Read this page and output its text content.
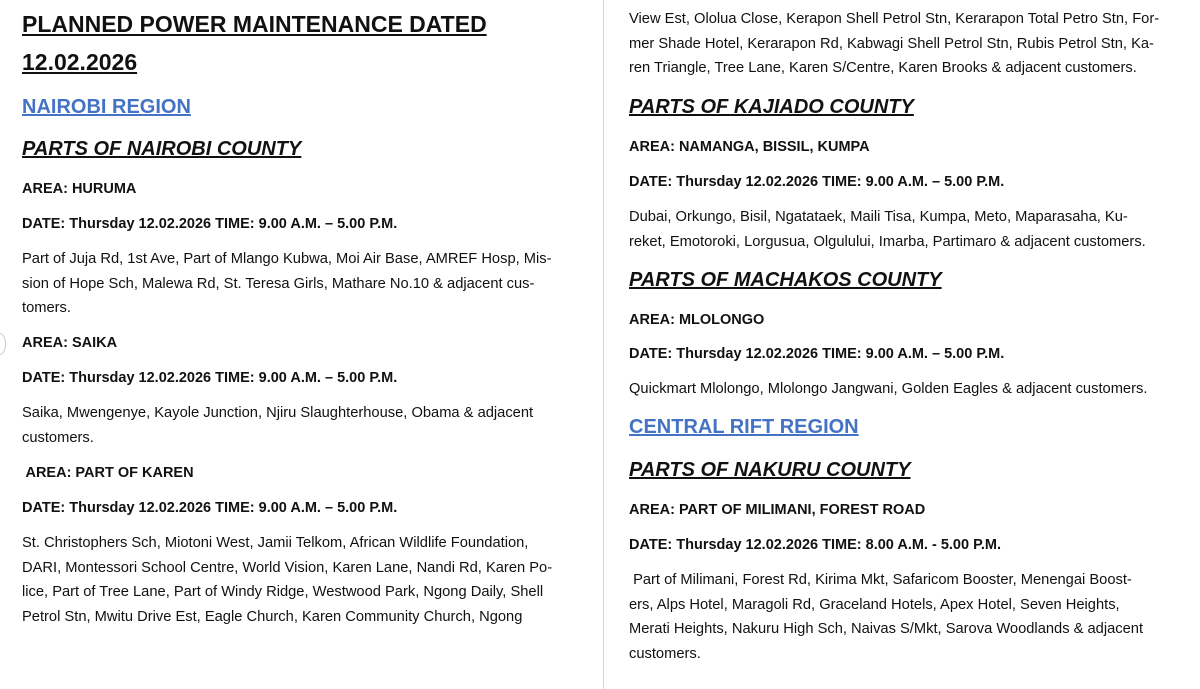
PLANNED POWER MAINTENANCE DATED
12.02.2026
NAIROBI REGION
PARTS OF NAIROBI COUNTY
AREA: HURUMA
DATE: Thursday 12.02.2026 TIME: 9.00 A.M. – 5.00 P.M.
Part of Juja Rd, 1st Ave, Part of Mlango Kubwa, Moi Air Base, AMREF Hosp, Mis-
sion of Hope Sch, Malewa Rd, St. Teresa Girls, Mathare No.10 & adjacent cus-
tomers.
AREA: SAIKA
DATE: Thursday 12.02.2026 TIME: 9.00 A.M. – 5.00 P.M.
Saika, Mwengenye, Kayole Junction, Njiru Slaughterhouse, Obama & adjacent
customers.
AREA: PART OF KAREN
DATE: Thursday 12.02.2026 TIME: 9.00 A.M. – 5.00 P.M.
St. Christophers Sch, Miotoni West, Jamii Telkom, African Wildlife Foundation,
DARI, Montessori School Centre, World Vision, Karen Lane, Nandi Rd, Karen Po-
lice, Part of Tree Lane, Part of Windy Ridge, Westwood Park, Ngong Daily, Shell
Petrol Stn, Mwitu Drive Est, Eagle Church, Karen Community Church, Ngong
View Est, Ololua Close, Kerapon Shell Petrol Stn, Kerarapon Total Petro Stn, For-
mer Shade Hotel, Kerarapon Rd, Kabwagi Shell Petrol Stn, Rubis Petrol Stn, Ka-
ren Triangle, Tree Lane, Karen S/Centre, Karen Brooks & adjacent customers.
PARTS OF KAJIADO COUNTY
AREA: NAMANGA, BISSIL, KUMPA
DATE: Thursday 12.02.2026 TIME: 9.00 A.M. – 5.00 P.M.
Dubai, Orkungo, Bisil, Ngatataek, Maili Tisa, Kumpa, Meto, Maparasaha, Ku-
reket, Emotoroki, Lorgusua, Olgulului, Imarba, Partimaro & adjacent customers.
PARTS OF MACHAKOS COUNTY
AREA: MLOLONGO
DATE: Thursday 12.02.2026 TIME: 9.00 A.M. – 5.00 P.M.
Quickmart Mlolongo, Mlolongo Jangwani, Golden Eagles & adjacent customers.
CENTRAL RIFT REGION
PARTS OF NAKURU COUNTY
AREA: PART OF MILIMANI, FOREST ROAD
DATE: Thursday 12.02.2026 TIME: 8.00 A.M. - 5.00 P.M.
Part of Milimani, Forest Rd, Kirima Mkt, Safaricom Booster, Menengai Boost-
ers, Alps Hotel, Maragoli Rd, Graceland Hotels, Apex Hotel, Seven Heights,
Merati Heights, Nakuru High Sch, Naivas S/Mkt, Sarova Woodlands & adjacent
customers.
